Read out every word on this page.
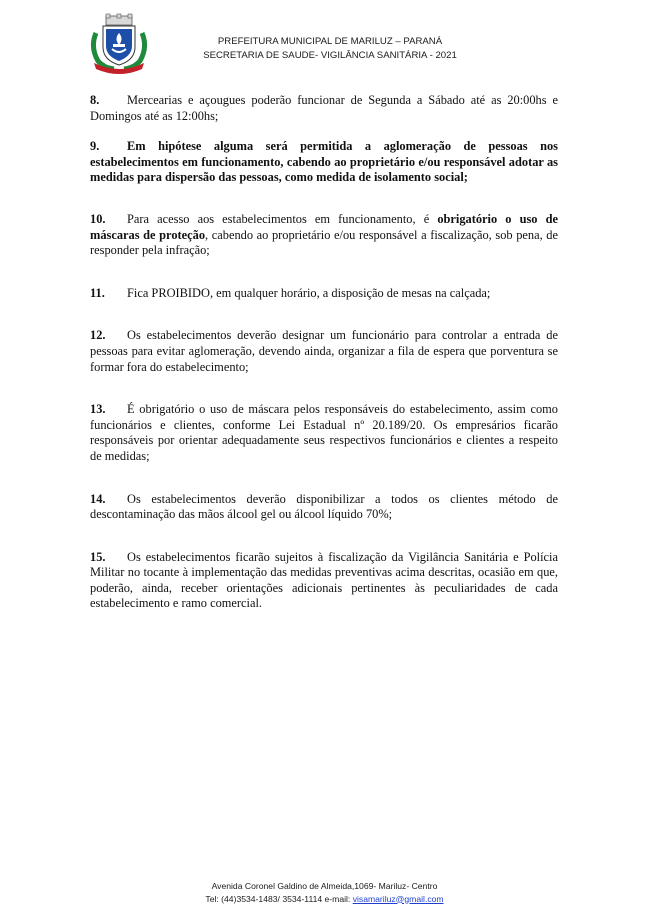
PREFEITURA MUNICIPAL DE MARILUZ – PARANÁ
SECRETARIA DE SAUDE- VIGILÂNCIA SANITÁRIA - 2021

8. Mercearias e açougues poderão funcionar de Segunda a Sábado até as 20:00hs e Domingos até as 12:00hs;

9. Em hipótese alguma será permitida a aglomeração de pessoas nos estabelecimentos em funcionamento, cabendo ao proprietário e/ou responsável adotar as medidas para dispersão das pessoas, como medida de isolamento social;

10. Para acesso aos estabelecimentos em funcionamento, é obrigatório o uso de máscaras de proteção, cabendo ao proprietário e/ou responsável a fiscalização, sob pena, de responder pela infração;

11. Fica PROIBIDO, em qualquer horário, a disposição de mesas na calçada;

12. Os estabelecimentos deverão designar um funcionário para controlar a entrada de pessoas para evitar aglomeração, devendo ainda, organizar a fila de espera que porventura se formar fora do estabelecimento;

13. É obrigatório o uso de máscara pelos responsáveis do estabelecimento, assim como funcionários e clientes, conforme Lei Estadual nº 20.189/20. Os empresários ficarão responsáveis por orientar adequadamente seus respectivos funcionários e clientes a respeito de medidas;

14. Os estabelecimentos deverão disponibilizar a todos os clientes método de descontaminação das mãos álcool gel ou álcool líquido 70%;

15. Os estabelecimentos ficarão sujeitos à fiscalização da Vigilância Sanitária e Polícia Militar no tocante à implementação das medidas preventivas acima descritas, ocasião em que, poderão, ainda, receber orientações adicionais pertinentes às peculiaridades de cada estabelecimento e ramo comercial.

Avenida Coronel Galdino de Almeida,1069- Mariluz- Centro
Tel: (44)3534-1483/ 3534-1114 e-mail: visamariluz@gmail.com
